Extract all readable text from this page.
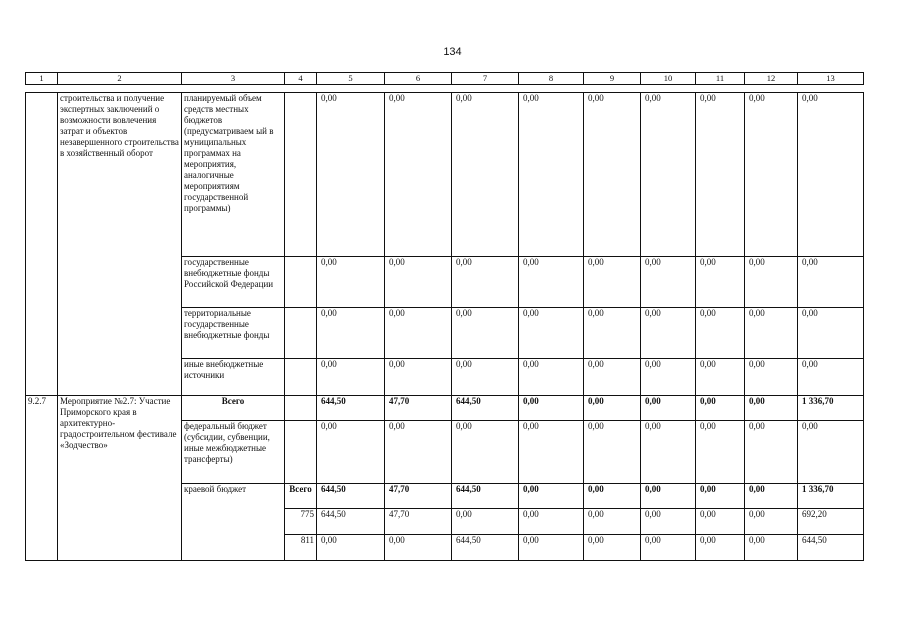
134
1	2	3	4	5	6	7	8	9	10	11	12	13

	строительства и получение экспертных заключений о возможности вовлечения затрат и объектов незавершенного строительства в хозяйственный оборот	планируемый объем средств местных бюджетов (предусматриваем ый в муниципальных программах на мероприятия, аналогичные мероприятиям государственной программы)		0,00	0,00	0,00	0,00	0,00	0,00	0,00	0,00	0,00
		государственные внебюджетные фонды Российской Федерации		0,00	0,00	0,00	0,00	0,00	0,00	0,00	0,00	0,00
		территориальные государственные внебюджетные фонды		0,00	0,00	0,00	0,00	0,00	0,00	0,00	0,00	0,00
		иные внебюджетные источники		0,00	0,00	0,00	0,00	0,00	0,00	0,00	0,00	0,00
9.2.7	Мероприятие №2.7: Участие Приморского края в архитектурно-градостроительном фестивале «Зодчество»	Всего		644,50	47,70	644,50	0,00	0,00	0,00	0,00	0,00	1 336,70
		федеральный бюджет (субсидии, субвенции, иные межбюджетные трансферты)		0,00	0,00	0,00	0,00	0,00	0,00	0,00	0,00	0,00
		краевой бюджет	Всего	644,50	47,70	644,50	0,00	0,00	0,00	0,00	0,00	1 336,70
			775	644,50	47,70	0,00	0,00	0,00	0,00	0,00	0,00	692,20
			811	0,00	0,00	644,50	0,00	0,00	0,00	0,00	0,00	644,50
